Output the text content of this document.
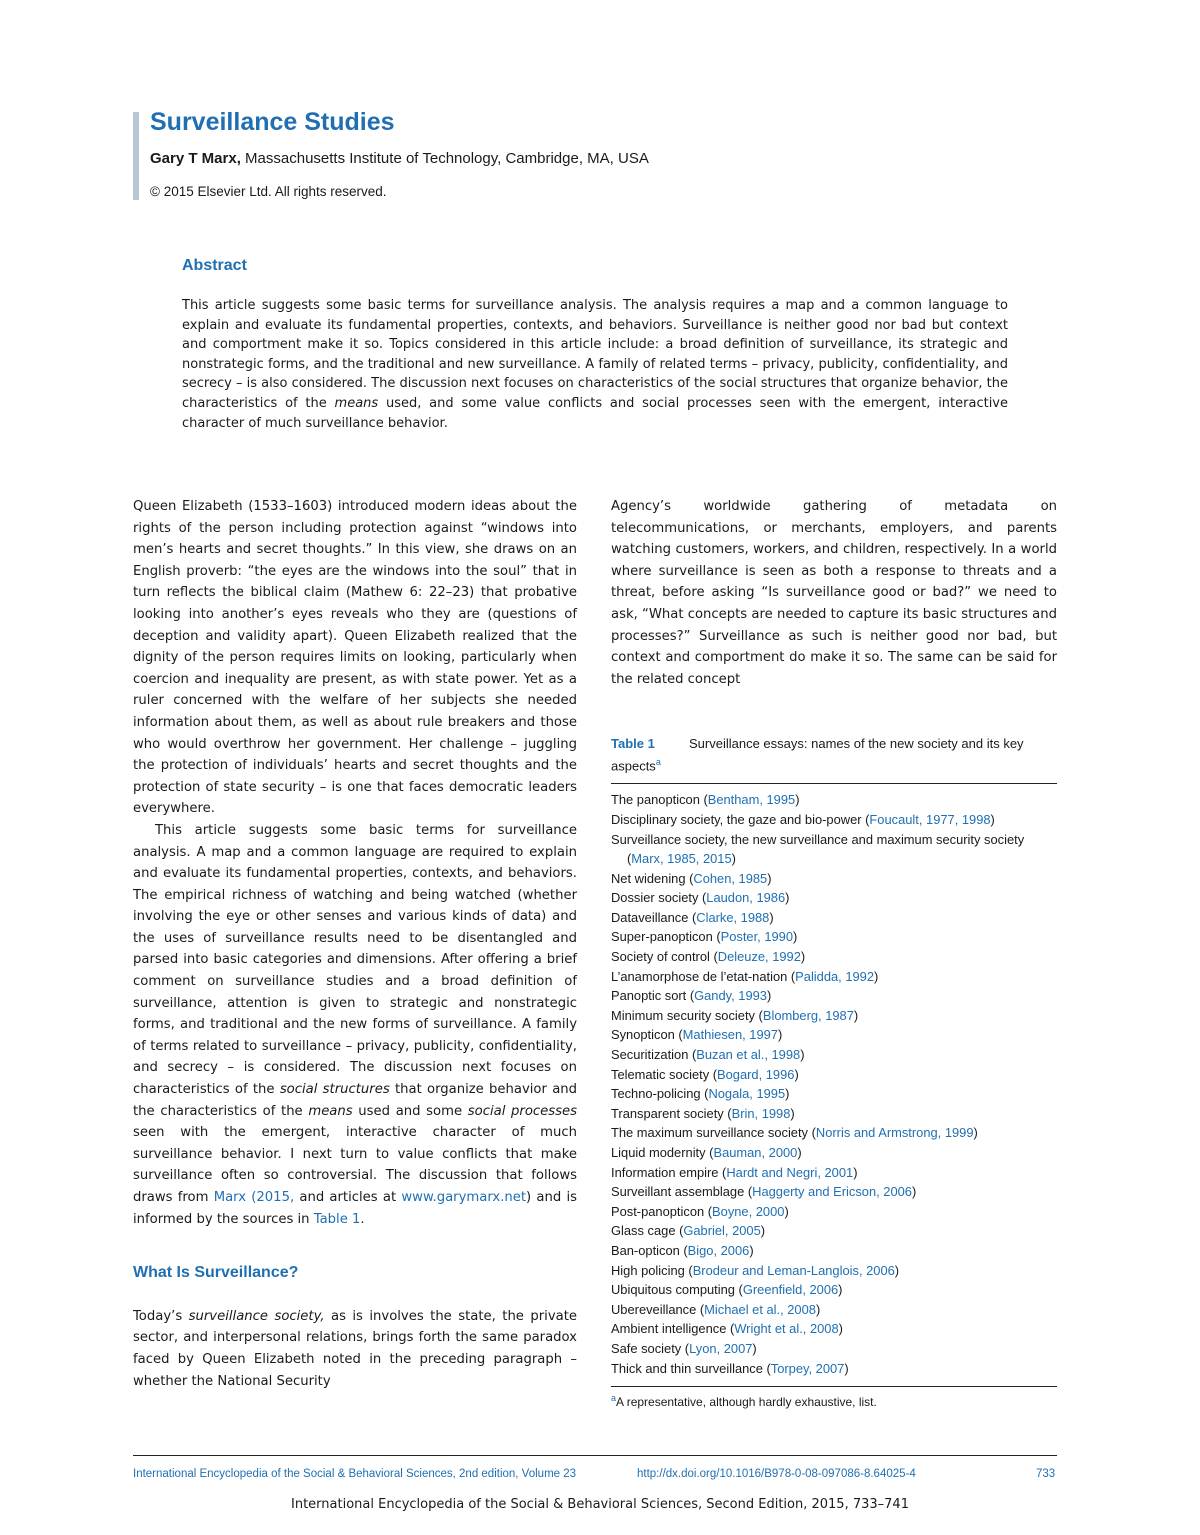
Surveillance Studies
Gary T Marx, Massachusetts Institute of Technology, Cambridge, MA, USA
© 2015 Elsevier Ltd. All rights reserved.
Abstract

This article suggests some basic terms for surveillance analysis. The analysis requires a map and a common language to explain and evaluate its fundamental properties, contexts, and behaviors. Surveillance is neither good nor bad but context and comportment make it so. Topics considered in this article include: a broad definition of surveillance, its strategic and nonstrategic forms, and the traditional and new surveillance. A family of related terms – privacy, publicity, confidentiality, and secrecy – is also considered. The discussion next focuses on characteristics of the social structures that organize behavior, the characteristics of the means used, and some value conflicts and social processes seen with the emergent, interactive character of much surveillance behavior.

Queen Elizabeth (1533–1603) introduced modern ideas about the rights of the person including protection against “windows into men’s hearts and secret thoughts.” In this view, she draws on an English proverb: “the eyes are the windows into the soul” that in turn reflects the biblical claim (Mathew 6: 22–23) that probative looking into another’s eyes reveals who they are (questions of deception and validity apart). Queen Elizabeth realized that the dignity of the person requires limits on looking, particularly when coercion and inequality are present, as with state power. Yet as a ruler concerned with the welfare of her subjects she needed information about them, as well as about rule breakers and those who would overthrow her government. Her challenge – juggling the protection of individuals’ hearts and secret thoughts and the protection of state security – is one that faces democratic leaders everywhere.

This article suggests some basic terms for surveillance analysis. A map and a common language are required to explain and evaluate its fundamental properties, contexts, and behaviors. The empirical richness of watching and being watched (whether involving the eye or other senses and various kinds of data) and the uses of surveillance results need to be disentangled and parsed into basic categories and dimensions. After offering a brief comment on surveillance studies and a broad definition of surveillance, attention is given to strategic and nonstrategic forms, and traditional and the new forms of surveillance. A family of terms related to surveillance – privacy, publicity, confidentiality, and secrecy – is considered. The discussion next focuses on characteristics of the social structures that organize behavior and the characteristics of the means used and some social processes seen with the emergent, interactive character of much surveillance behavior. I next turn to value conflicts that make surveillance often so controversial. The discussion that follows draws from Marx (2015, and articles at www.garymarx.net) and is informed by the sources in Table 1.

What Is Surveillance?

Today’s surveillance society, as is involves the state, the private sector, and interpersonal relations, brings forth the same paradox faced by Queen Elizabeth noted in the preceding paragraph – whether the National Security

Agency’s worldwide gathering of metadata on telecommunications, or merchants, employers, and parents watching customers, workers, and children, respectively. In a world where surveillance is seen as both a response to threats and a threat, before asking “Is surveillance good or bad?” we need to ask, “What concepts are needed to capture its basic structures and processes?” Surveillance as such is neither good nor bad, but context and comportment do make it so. The same can be said for the related concept

Table 1	Surveillance essays: names of the new society and its key
aspects$^a$
The panopticon (Bentham, 1995)
Disciplinary society, the gaze and bio-power (Foucault, 1977, 1998)
Surveillance society, the new surveillance and maximum security society
(Marx, 1985, 2015)
Net widening (Cohen, 1985)
Dossier society (Laudon, 1986)
Dataveillance (Clarke, 1988)
Super-panopticon (Poster, 1990)
Society of control (Deleuze, 1992)
L’anamorphose de l’etat-nation (Palidda, 1992)
Panoptic sort (Gandy, 1993)
Minimum security society (Blomberg, 1987)
Synopticon (Mathiesen, 1997)
Securitization (Buzan et al., 1998)
Telematic society (Bogard, 1996)
Techno-policing (Nogala, 1995)
Transparent society (Brin, 1998)
The maximum surveillance society (Norris and Armstrong, 1999)
Liquid modernity (Bauman, 2000)
Information empire (Hardt and Negri, 2001)
Surveillant assemblage (Haggerty and Ericson, 2006)
Post-panopticon (Boyne, 2000)
Glass cage (Gabriel, 2005)
Ban-opticon (Bigo, 2006)
High policing (Brodeur and Leman-Langlois, 2006)
Ubiquitous computing (Greenfield, 2006)
Ubereveillance (Michael et al., 2008)
Ambient intelligence (Wright et al., 2008)
Safe society (Lyon, 2007)
Thick and thin surveillance (Torpey, 2007)
$^a$A representative, although hardly exhaustive, list.
International Encyclopedia of the Social & Behavioral Sciences, 2nd edition, Volume 23	http://dx.doi.org/10.1016/B978-0-08-097086-8.64025-4	733
International Encyclopedia of the Social & Behavioral Sciences, Second Edition, 2015, 733–741
